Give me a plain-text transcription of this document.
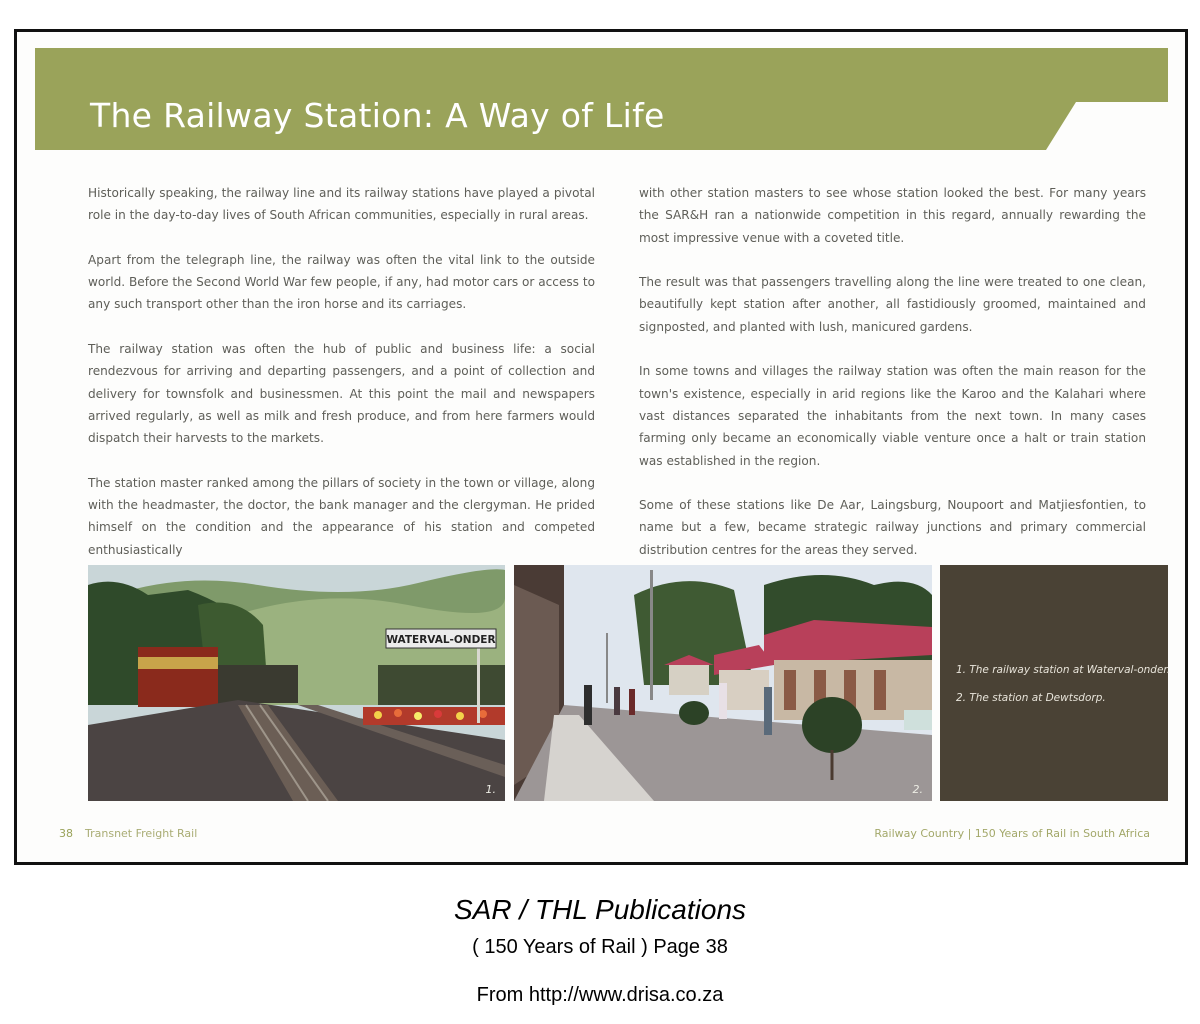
The Railway Station: A Way of Life

Historically speaking, the railway line and its railway stations have played a pivotal role in the day-to-day lives of South African communities, especially in rural areas.

Apart from the telegraph line, the railway was often the vital link to the outside world. Before the Second World War few people, if any, had motor cars or access to any such transport other than the iron horse and its carriages.

The railway station was often the hub of public and business life: a social rendezvous for arriving and departing passengers, and a point of collection and delivery for townsfolk and businessmen. At this point the mail and newspapers arrived regularly, as well as milk and fresh produce, and from here farmers would dispatch their harvests to the markets.

The station master ranked among the pillars of society in the town or village, along with the headmaster, the doctor, the bank manager and the clergyman. He prided himself on the condition and the appearance of his station and competed enthusiastically

with other station masters to see whose station looked the best. For many years the SAR&H ran a nationwide competition in this regard, annually rewarding the most impressive venue with a coveted title.

The result was that passengers travelling along the line were treated to one clean, beautifully kept station after another, all fastidiously groomed, maintained and signposted, and planted with lush, manicured gardens.

In some towns and villages the railway station was often the main reason for the town's existence, especially in arid regions like the Karoo and the Kalahari where vast distances separated the inhabitants from the next town. In many cases farming only became an economically viable venture once a halt or train station was established in the region.

Some of these stations like De Aar, Laingsburg, Noupoort and Matjiesfontien, to name but a few, became strategic railway junctions and primary commercial distribution centres for the areas they served.

WATERVAL-ONDER
1.	2.
1. The railway station at Waterval-onder.
2. The station at Dewtsdorp.
38 Transnet Freight Rail	Railway Country | 150 Years of Rail in South Africa
SAR / THL Publications
( 150 Years of Rail ) Page 38
From http://www.drisa.co.za
